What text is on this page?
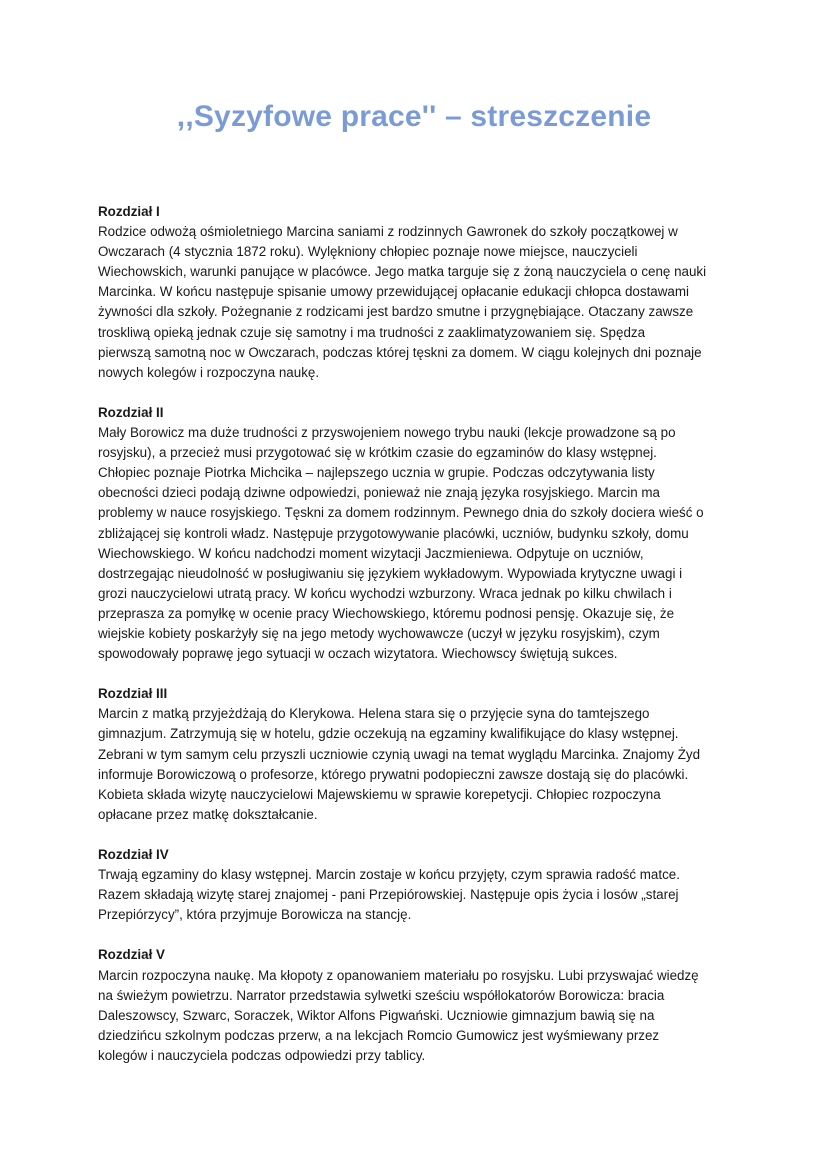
,,Syzyfowe prace'' – streszczenie
Rozdział I
Rodzice odwożą ośmioletniego Marcina saniami z rodzinnych Gawronek do szkoły początkowej w
Owczarach (4 stycznia 1872 roku). Wylękniony chłopiec poznaje nowe miejsce, nauczycieli
Wiechowskich, warunki panujące w placówce. Jego matka targuje się z żoną nauczyciela o cenę nauki
Marcinka. W końcu następuje spisanie umowy przewidującej opłacanie edukacji chłopca dostawami
żywności dla szkoły. Pożegnanie z rodzicami jest bardzo smutne i przygnębiające. Otaczany zawsze
troskliwą opieką jednak czuje się samotny i ma trudności z zaaklimatyzowaniem się. Spędza
pierwszą samotną noc w Owczarach, podczas której tęskni za domem. W ciągu kolejnych dni poznaje
nowych kolegów i rozpoczyna naukę.
Rozdział II
Mały Borowicz ma duże trudności z przyswojeniem nowego trybu nauki (lekcje prowadzone są po
rosyjsku), a przecież musi przygotować się w krótkim czasie do egzaminów do klasy wstępnej.
Chłopiec poznaje Piotrka Michcika – najlepszego ucznia w grupie. Podczas odczytywania listy
obecności dzieci podają dziwne odpowiedzi, ponieważ nie znają języka rosyjskiego. Marcin ma
problemy w nauce rosyjskiego. Tęskni za domem rodzinnym. Pewnego dnia do szkoły dociera wieść o
zbliżającej się kontroli władz. Następuje przygotowywanie placówki, uczniów, budynku szkoły, domu
Wiechowskiego. W końcu nadchodzi moment wizytacji Jaczmieniewa. Odpytuje on uczniów,
dostrzegając nieudolność w posługiwaniu się językiem wykładowym. Wypowiada krytyczne uwagi i
grozi nauczycielowi utratą pracy. W końcu wychodzi wzburzony. Wraca jednak po kilku chwilach i
przeprasza za pomyłkę w ocenie pracy Wiechowskiego, któremu podnosi pensję. Okazuje się, że
wiejskie kobiety poskarżyły się na jego metody wychowawcze (uczył w języku rosyjskim), czym
spowodowały poprawę jego sytuacji w oczach wizytatora. Wiechowscy świętują sukces.
Rozdział III
Marcin z matką przyjeżdżają do Klerykowa. Helena stara się o przyjęcie syna do tamtejszego
gimnazjum. Zatrzymują się w hotelu, gdzie oczekują na egzaminy kwalifikujące do klasy wstępnej.
Zebrani w tym samym celu przyszli uczniowie czynią uwagi na temat wyglądu Marcinka. Znajomy Żyd
informuje Borowiczową o profesorze, którego prywatni podopieczni zawsze dostają się do placówki.
Kobieta składa wizytę nauczycielowi Majewskiemu w sprawie korepetycji. Chłopiec rozpoczyna
opłacane przez matkę dokształcanie.
Rozdział IV
Trwają egzaminy do klasy wstępnej. Marcin zostaje w końcu przyjęty, czym sprawia radość matce.
Razem składają wizytę starej znajomej - pani Przepiórowskiej. Następuje opis życia i losów „starej
Przepiórzycy”, która przyjmuje Borowicza na stancję.
Rozdział V
Marcin rozpoczyna naukę. Ma kłopoty z opanowaniem materiału po rosyjsku. Lubi przyswajać wiedzę
na świeżym powietrzu. Narrator przedstawia sylwetki sześciu współlokatorów Borowicza: bracia
Daleszowscy, Szwarc, Soraczek, Wiktor Alfons Pigwański. Uczniowie gimnazjum bawią się na
dziedzińcu szkolnym podczas przerw, a na lekcjach Romcio Gumowicz jest wyśmiewany przez
kolegów i nauczyciela podczas odpowiedzi przy tablicy.
